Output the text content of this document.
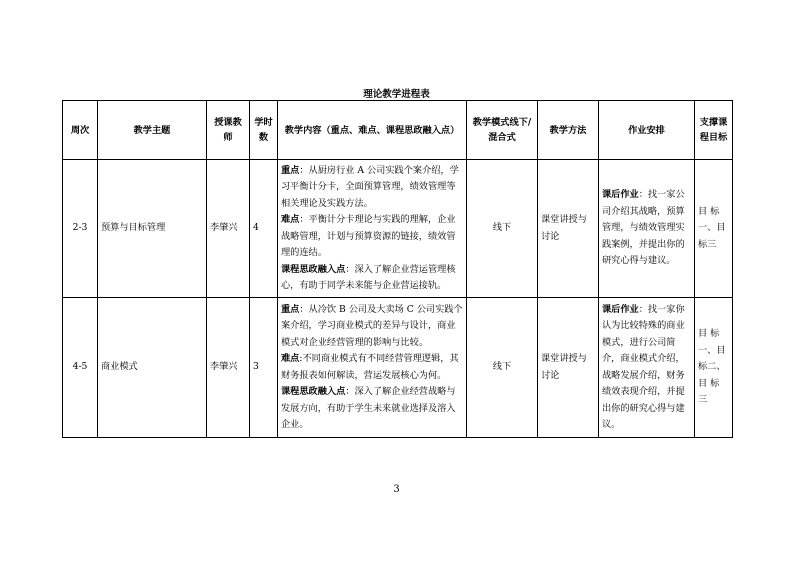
理论教学进程表
周次	教学主题	授课教师	学时数	教学内容（重点、难点、课程思政融入点）	教学模式线下/混合式	教学方法	作业安排	支撑课程目标
2-3	预算与目标管理	李肇兴	4	重点：从厨房行业 A 公司实践个案介绍，学习平衡计分卡，全面预算管理，绩效管理等相关理论及实践方法。
难点：平衡计分卡理论与实践的理解，企业战略管理，计划与预算资源的链接，绩效管理的连结。
课程思政融入点：深入了解企业营运管理核心，有助于同学未来能与企业营运接轨。	线下	课堂讲授与讨论	课后作业：找一家公司介绍其战略，预算管理，与绩效管理实践案例，并提出你的研究心得与建议。	目 标 一、目标三
4-5	商业模式	李肇兴	3	重点：从冷饮 B 公司及大卖场 C 公司实践个案介绍，学习商业模式的差异与设计，商业模式对企业经营管理的影响与比较。
难点:不同商业模式有不同经营管理逻辑，其财务报表如何解读，营运发展核心为何。
课程思政融入点：深入了解企业经营战略与发展方向，有助于学生未来就业选择及溶入企业。	线下	课堂讲授与讨论	课后作业：找一家你认为比较特殊的商业模式，进行公司简介，商业模式介绍，战略发展介绍，财务绩效表现介绍，并提出你的研究心得与建议。	目 标 一、目标二、目 标 三
3
